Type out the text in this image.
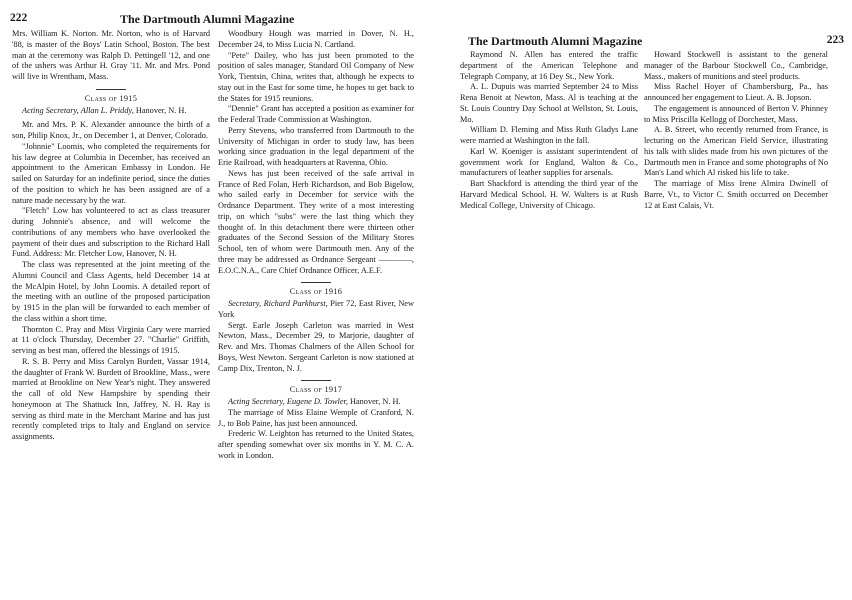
222	The Dartmouth Alumni Magazine

Mrs. William K. Norton. Mr. Norton, who is of Harvard '88, is master of the Boys' Latin School, Boston. The best man at the ceremony was Ralph D. Pettingell '12, and one of the ushers was Arthur H. Gray '11. Mr. and Mrs. Pond will live in Wrentham, Mass.

Class of 1915

Acting Secretary, Allan L. Priddy, Hanover, N. H.

Mr. and Mrs. P. K. Alexander announce the birth of a son, Philip Knox, Jr., on December 1, at Denver, Colorado.

"Johnnie" Loomis, who completed the requirements for his law degree at Columbia in December, has received an appointment to the American Embassy in London. He sailed on Saturday for an indefinite period, since the duties of the position to which he has been assigned are of a nature made necessary by the war.

"Fletch" Low has volunteered to act as class treasurer during Johnnie's absence, and will welcome the contributions of any members who have overlooked the payment of their dues and subscription to the Richard Hall Fund. Address: Mr. Fletcher Low, Hanover, N. H.

The class was represented at the joint meeting of the Alumni Council and Class Agents, held December 14 at the McAlpin Hotel, by John Loomis. A detailed report of the meeting with an outline of the proposed participation by 1915 in the plan will be forwarded to each member of the class within a short time.

Thornton C. Pray and Miss Virginia Cary were married at 11 o'clock Thursday, December 27. "Charlie" Griffith, serving as best man, offered the blessings of 1915.

R. S. B. Perry and Miss Carolyn Burdett, Vassar 1914, the daughter of Frank W. Burdett of Brookline, Mass., were married at Brookline on New Year's night. They answered the call of old New Hampshire by spending their honeymoon at The Shattuck Inn, Jaffrey, N. H. Ray is serving as third mate in the Merchant Marine and has just recently completed trips to Italy and England on service assignments.

Woodbury Hough was married in Dover, N. H., December 24, to Miss Lucia N. Cartland.

"Pete" Dailey, who has just been promoted to the position of sales manager, Standard Oil Company of New York, Tientsin, China, writes that, although he expects to stay out in the East for some time, he hopes to get back to the States for 1915 reunions.

"Dennie" Grant has accepted a position as examiner for the Federal Trade Commission at Washington.

Perry Stevens, who transferred from Dartmouth to the University of Michigan in order to study law, has been working since graduation in the legal department of the Erie Railroad, with headquarters at Ravenna, Ohio.

News has just been received of the safe arrival in France of Red Folan, Herb Richardson, and Bob Bigelow, who sailed early in December for service with the Ordnance Department. They write of a most interesting trip, on which "subs" were the last thing which they thought of. In this detachment there were thirteen other graduates of the Second Session of the Military Stores School, ten of whom were Dartmouth men. Any of the three may be addressed as Ordnance Sergeant ————, E.O.C.N.A., Care Chief Ordnance Officer, A.E.F.

Class of 1916

Secretary, Richard Parkhurst, Pier 72, East River, New York

Sergt. Earle Joseph Carleton was married in West Newton, Mass., December 29, to Marjorie, daughter of Rev. and Mrs. Thomas Chalmers of the Allen School for Boys, West Newton. Sergeant Carleton is now stationed at Camp Dix, Trenton, N. J.

Class of 1917

Acting Secretary, Eugene D. Towler, Hanover, N. H.

The marriage of Miss Elaine Wemple of Cranford, N. J., to Bob Paine, has just been announced.

Frederic W. Leighton has returned to the United States, after spending somewhat over six months in Y. M. C. A. work in London.

The Dartmouth Alumni Magazine	223

Raymond N. Allen has entered the traffic department of the American Telephone and Telegraph Company, at 16 Dey St., New York.

A. L. Dupuis was married September 24 to Miss Rena Benoit at Newton, Mass. Al is teaching at the St. Louis Country Day School at Wellston, St. Louis, Mo.

William D. Fleming and Miss Ruth Gladys Lane were married at Washington in the fall.

Karl W. Koeniger is assistant superintendent of government work for England, Walton & Co., manufacturers of leather supplies for arsenals.

Bart Shackford is attending the third year of the Harvard Medical School. H. W. Walters is at Rush Medical College, University of Chicago.

Howard Stockwell is assistant to the general manager of the Barbour Stockwell Co., Cambridge, Mass., makers of munitions and steel products.

Miss Rachel Hoyer of Chambersburg, Pa., has announced her engagement to Lieut. A. B. Jopson.

The engagement is announced of Berton V. Phinney to Miss Priscilla Kellogg of Dorchester, Mass.

A. B. Street, who recently returned from France, is lecturing on the American Field Service, illustrating his talk with slides made from his own pictures of the Dartmouth men in France and some photographs of No Man's Land which Al risked his life to take.

The marriage of Miss Irene Almira Dwinell of Barre, Vt., to Victor C. Smith occurred on December 12 at East Calais, Vt.
